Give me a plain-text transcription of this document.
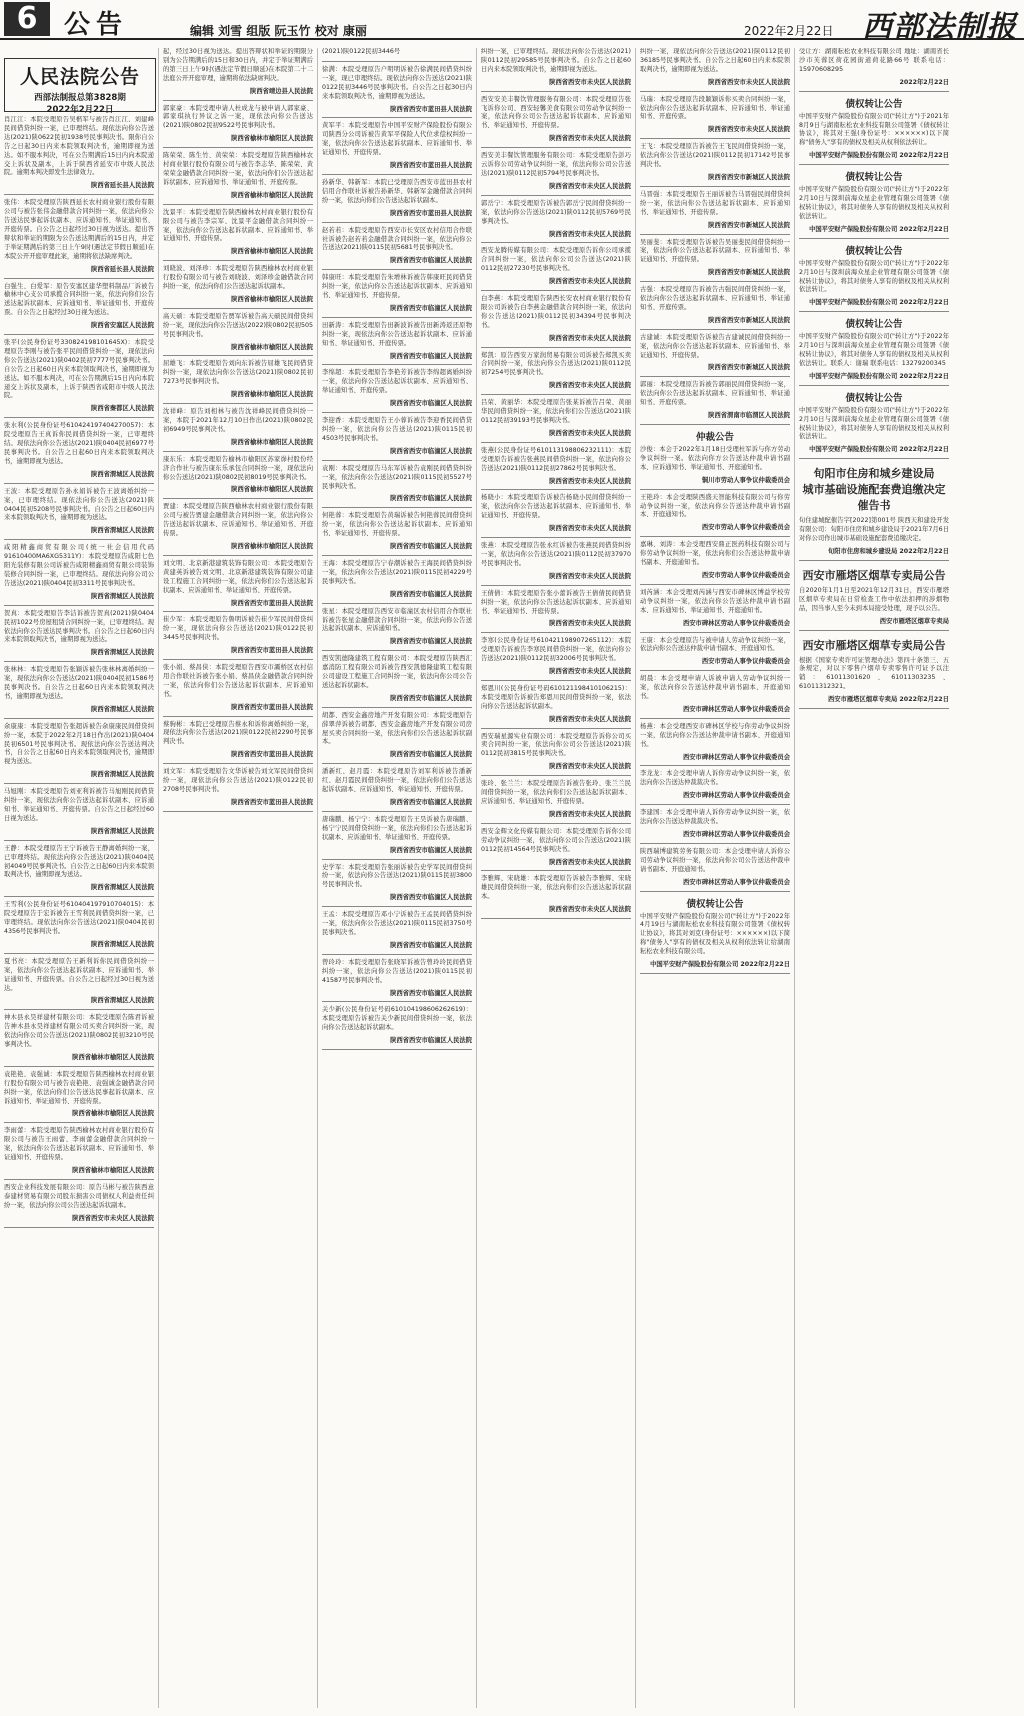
6	公告	编辑 刘雪 组版 阮玉竹 校对 康丽	2022年2月22日 西部法制报
人民法院公告
西部法制报总第3828期
2022年2月22日
肖江江：本院受理原告吴楷军与被告肖江江、刘建峰民间借贷纠纷一案，已审理终结。现依法向你公告送达(2021)陕0622民初1938号民事判决书。限你自公告之日起30日内来本院领取判决书，逾期即视为送达。如不服本判决，可在公告期满后15日内向本院递交上诉状及副本，上诉于陕西省延安市中级人民法院。逾期本判决即发生法律效力。
陕西省延长县人民法院
张伟：本院受理原告陕西延长农村商业银行股份有限公司与被告张伟金融借款合同纠纷一案，依法向你公告送达民事起诉状副本、应诉通知书、举证通知书、开庭传票。自公告之日起经过30日视为送达。提出答辩状和举证的期限为公告送达期满后的15日内，并定于举证期满后的第三日上午9时(遇法定节假日顺延)在本院公开开庭审理此案，逾期将依法缺席判决。
陕西省延长县人民法院
白强生、白爱军：原告安塞区建华塑料制品厂诉被告榆林中心支公司承揽合同纠纷一案，依法向你们公告送达起诉状副本、应诉通知书、举证通知书、开庭传票。自公告之日起经过30日视为送达。
陕西省安塞区人民法院
张平(公民身份证号330824198101645X)：本院受理原告李刚与被告张平民间借贷纠纷一案，现依法向你公告送达(2021)陕0402民初7777号民事判决书。自公告之日起60日内来本院领取判决书，逾期即视为送达。如不服本判决，可在公告期满后15日内向本院递交上诉状及副本，上诉于陕西省咸阳市中级人民法院。
陕西省秦都区人民法院
张水利(公民身份证号610424197404270057)：本院受理原告王真诉你民间借贷纠纷一案，已审理终结。现依法向你公告送达(2021)陕0404民初6977号民事判决书。自公告之日起60日内来本院领取判决书，逾期即视为送达。
陕西省渭城区人民法院
王波：本院受理原告孙永娟诉被告王波离婚纠纷一案，已审理终结。现依法向你公告送达(2021)陕0404民初5208号民事判决书。自公告之日起60日内来本院领取判决书，逾期即视为送达。
陕西省渭城区人民法院
咸阳精鑫商贸有限公司(统一社会信用代码91610400MA6XG5311Y)：本院受理原告咸阳七色阳光装修有限公司诉被告咸阳精鑫商贸有限公司装饰装修合同纠纷一案，已审理终结。现依法向你公司公告送达(2021)陕0404民初3311号民事判决书。
陕西省渭城区人民法院
贺真：本院受理原告李洁诉被告贺真(2021)陕0404民初1022号房屋租赁合同纠纷一案，已审理终结。现依法向你公告送达民事判决书。自公告之日起60日内来本院领取判决书，逾期即视为送达。
陕西省渭城区人民法院
张林林：本院受理原告张颖诉被告张林林离婚纠纷一案，现依法向你公告送达(2021)陕0404民初1586号民事判决书。自公告之日起60日内来本院领取判决书，逾期即视为送达。
陕西省渭城区人民法院
余康康：本院受理原告张超诉被告余康康民间借贷纠纷一案，本院于2022年2月18日作出(2021)陕0404民初6501号民事判决书。现依法向你公告送达判决书，自公告之日起60日内来本院领取判决书，逾期即视为送达。
陕西省渭城区人民法院
马旭刚：本院受理原告刘亚利诉被告马旭刚民间借贷纠纷一案，现依法向你公告送达起诉状副本、应诉通知书、举证通知书、开庭传票。自公告之日起经过60日视为送达。
陕西省渭城区人民法院
王静：本院受理原告王宁诉被告王静离婚纠纷一案，已审理终结。现依法向你公告送达(2021)陕0404民初4049号民事判决书。自公告之日起60日内来本院领取判决书，逾期即视为送达。
陕西省渭城区人民法院
王雪利(公民身份证号610404197910704015)：本院受理原告于宏诉被告王雪利民间借贷纠纷一案，已审理终结。现依法向你公告送达(2021)陕0404民初4356号民事判决书。
陕西省渭城区人民法院
夏书亮：本院受理原告王新利诉你民间借贷纠纷一案，依法向你公告送达起诉状副本、应诉通知书、举证通知书、开庭传票。自公告之日起经过30日视为送达。
陕西省渭城区人民法院
神木县永昊祥建材有限公司：本院受理原告陈君诉被告神木县永昊祥建材有限公司买卖合同纠纷一案，现依法向你公司公告送达(2021)陕0802民初3210号民事判决书。
陕西省榆林市榆阳区人民法院
袁艳艳、袁强诚：本院受理原告陕西榆林农村商业银行股份有限公司与被告袁艳艳、袁强诚金融借款合同纠纷一案，依法向你们公告送达民事起诉状副本、应诉通知书、举证通知书、开庭传票。
陕西省榆林市榆阳区人民法院
李雨蕾：本院受理原告陕西榆林农村商业银行股份有限公司与被告王雨蕾、李雨蕾金融借款合同纠纷一案，依法向你公告送达起诉状副本、应诉通知书、举证通知书、开庭传票。
陕西省榆林市榆阳区人民法院
西安企业科技发展有限公司：原告马彬与被告陕西意泰建材贸易有限公司股东损害公司债权人利益责任纠纷一案，依法向你公司公告送达起诉状副本。
陕西省西安市未央区人民法院
起，经过30日视为送达。提出答辩状和举证的期限分别为公告期满后的15日和30日内，并定于举证期满后的第三日上午9时(遇法定节假日顺延)在本院第二十二法庭公开开庭审理，逾期将依法缺席判决。
陕西省靖边县人民法院
郭家豪：本院受理申请人杜成龙与被申请人郭家豪、郭家琪执行异议之诉一案，现依法向你公告送达(2021)陕0802民初9522号民事判决书。
陕西省榆林市榆阳区人民法院
陈荣荣、陈生竹、黄荣荣：本院受理原告陕西榆林农村商业银行股份有限公司与被告李志华、陈荣荣、黄荣荣金融借款合同纠纷一案，依法向你们公告送达起诉状副本、应诉通知书、举证通知书、开庭传票。
陕西省榆林市榆阳区人民法院
沈景平：本院受理原告陕西榆林农村商业银行股份有限公司与被告李宗军、沈景平金融借款合同纠纷一案，依法向你公告送达起诉状副本、应诉通知书、举证通知书、开庭传票。
陕西省榆林市榆阳区人民法院
刘晓波、刘泽珍：本院受理原告陕西榆林农村商业银行股份有限公司与被告刘晓波、刘泽珍金融借款合同纠纷一案，依法向你们公告送达起诉状副本。
陕西省榆林市榆阳区人民法院
高天硕：本院受理原告贾军诉被告高天硕民间借贷纠纷一案，现依法向你公告送达(2022)陕0802民初505号民事判决书。
陕西省榆林市榆阳区人民法院
屈雄飞：本院受理原告刘向东诉被告屈雄飞民间借贷纠纷一案，现依法向你公告送达(2021)陕0802民初7273号民事判决书。
陕西省榆林市榆阳区人民法院
沈祥峰：原告刘相林与被告沈祥峰民间借贷纠纷一案，本院于2021年12月10日作出(2021)陕0802民初6949号民事判决书。
陕西省榆林市榆阳区人民法院
康东乐：本院受理原告榆林市榆阳区苏家峁村股份经济合作社与被告康东乐承包合同纠纷一案，现依法向你公告送达(2021)陕0802民初8019号民事判决书。
陕西省榆林市榆阳区人民法院
贾建：本院受理原告陕西榆林农村商业银行股份有限公司与被告贾建金融借款合同纠纷一案，依法向你公告送达起诉状副本、应诉通知书、举证通知书、开庭传票。
陕西省榆林市榆阳区人民法院
刘文明、北京新港建筑装饰有限公司：本院受理原告黄建英诉被告刘文明、北京新港建筑装饰有限公司建设工程施工合同纠纷一案，依法向你们公告送达起诉状副本、应诉通知书、举证通知书、开庭传票。
陕西省西安市蓝田县人民法院
崔少军：本院受理原告鲁明诉被告崔少军民间借贷纠纷一案，现依法向你公告送达(2021)陕0122民初3445号民事判决书。
陕西省西安市蓝田县人民法院
张小娟、蔡昌侠：本院受理原告西安市灞桥区农村信用合作联社诉被告张小娟、蔡昌侠金融借款合同纠纷一案，依法向你们公告送达起诉状副本、应诉通知书。
陕西省西安市蓝田县人民法院
蔡驹彬：本院已受理原告蔡永和诉你离婚纠纷一案，现依法向你公告送达(2021)陕0122民初2290号民事判决书。
陕西省西安市蓝田县人民法院
刘文军：本院受理原告文华诉被告刘文军民间借贷纠纷一案，现依法向你公告送达(2021)陕0122民初2708号民事判决书。
陕西省西安市蓝田县人民法院
(2021)陕0122民初3446号
徐满：本院受理原告户明明诉被告徐满民间借贷纠纷一案，现已审理终结。现依法向你公告送达(2021)陕0122民初3446号民事判决书。自公告之日起30日内来本院领取判决书，逾期即视为送达。
陕西省西安市蓝田县人民法院
黄军平：本院受理原告中国平安财产保险股份有限公司陕西分公司诉被告黄军平保险人代位求偿权纠纷一案，依法向你公告送达起诉状副本、应诉通知书、举证通知书、开庭传票。
陕西省西安市蓝田县人民法院
孙新华、韩新军：本院已受理原告西安市蓝田县农村信用合作联社诉被告孙新华、韩新军金融借款合同纠纷一案，依法向你们公告送达起诉状副本。
陕西省西安市蓝田县人民法院
赵若若：本院受理原告西安市长安区农村信用合作联社诉被告赵若若金融借款合同纠纷一案，依法向你公告送达(2021)陕0115民初5681号民事判决书。
陕西省西安市临潼区人民法院
韩康旺：本院受理原告朱增林诉被告韩康旺民间借贷纠纷一案，依法向你公告送达起诉状副本、应诉通知书、举证通知书、开庭传票。
陕西省西安市临潼区人民法院
田新涛：本院受理原告田新波诉被告田新涛返还原物纠纷一案，现依法向你公告送达起诉状副本、应诉通知书、举证通知书、开庭传票。
陕西省西安市临潼区人民法院
李绵超：本院受理原告李艳芳诉被告李绵超离婚纠纷一案，依法向你公告送达起诉状副本、应诉通知书、举证通知书、开庭传票。
陕西省西安市临潼区人民法院
李迎香：本院受理原告王小蓉诉被告李迎香民间借贷纠纷一案，依法向你公告送达(2021)陕0115民初4503号民事判决书。
陕西省西安市临潼区人民法院
袁刚：本院受理原告马东军诉被告袁刚民间借贷纠纷一案，依法向你公告送达(2021)陕0115民初5527号民事判决书。
陕西省西安市临潼区人民法院
何艳蓉：本院受理原告黄瑞诉被告何艳蓉民间借贷纠纷一案，依法向你公告送达起诉状副本、应诉通知书、举证通知书、开庭传票。
陕西省西安市临潼区人民法院
王海：本院受理原告宁春潮诉被告王海民间借贷纠纷一案，依法向你公告送达(2021)陕0115民初4229号民事判决书。
陕西省西安市临潼区人民法院
张星：本院受理原告西安市临潼区农村信用合作联社诉被告张星金融借款合同纠纷一案，依法向你公告送达起诉状副本、应诉通知书。
陕西省西安市临潼区人民法院
西安凯德隆建筑工程有限公司：本院受理原告陕西汇嘉消防工程有限公司诉被告西安凯德隆建筑工程有限公司建设工程施工合同纠纷一案，依法向你公司公告送达起诉状副本。
陕西省西安市临潼区人民法院
胡都、西安金鑫房地产开发有限公司：本院受理原告薛翠萍诉被告胡都、西安金鑫房地产开发有限公司房屋买卖合同纠纷一案，依法向你们公告送达起诉状副本。
陕西省西安市临潼区人民法院
潘新红、赵月霞：本院受理原告刘军利诉被告潘新红、赵月霞民间借贷纠纷一案，依法向你们公告送达起诉状副本、应诉通知书、举证通知书、开庭传票。
陕西省西安市临潼区人民法院
唐瑞鹏、杨宁宁：本院受理原告王昊诉被告唐瑞鹏、杨宁宁民间借贷纠纷一案，依法向你们公告送达起诉状副本、应诉通知书、举证通知书、开庭传票。
陕西省西安市临潼区人民法院
史学军：本院受理原告张丽诉被告史学军民间借贷纠纷一案，依法向你公告送达(2021)陕0115民初3800号民事判决书。
陕西省西安市临潼区人民法院
王孟：本院受理原告邓小宁诉被告王孟民间借贷纠纷一案，依法向你公告送达(2021)陕0115民初3750号民事判决书。
陕西省西安市临潼区人民法院
曾玲玲：本院受理原告张晓军诉被告曾玲玲民间借贷纠纷一案，依法向你公告送达(2021)陕0115民初41587号民事判决书。
陕西省西安市临潼区人民法院
关少新(公民身份证号码610104198606262619)：本院受理原告诉被告关少新民间借贷纠纷一案，依法向你公告送达起诉状副本。
陕西省西安市临潼区人民法院
纠纷一案，已审理终结。现依法向你公告送达(2021)陕0112民初29585号民事判决书。自公告之日起60日内来本院领取判决书，逾期即视为送达。
陕西省西安市未央区人民法院
西安安美丰餐饮管理服务有限公司：本院受理原告张飞诉你公司、西安轻馨美食有限公司劳动争议纠纷一案，依法向你公司公告送达起诉状副本、应诉通知书、举证通知书、开庭传票。
陕西省西安市未央区人民法院
西安美丰餐饮管理服务有限公司：本院受理原告彭巧云诉你公司劳动争议纠纷一案，依法向你公司公告送达(2021)陕0112民初5794号民事判决书。
陕西省西安市未央区人民法院
郭岳宁：本院受理原告诉被告郭岳宁民间借贷纠纷一案，依法向你公告送达(2021)陕0112民初5769号民事判决书。
陕西省西安市未央区人民法院
西安龙腾传媒有限公司：本院受理原告诉你公司承揽合同纠纷一案，依法向你公司公告送达(2021)陕0112民初27230号民事判决书。
陕西省西安市未央区人民法院
白李燕：本院受理原告陕西长安农村商业银行股份有限公司诉被告白李燕金融借款合同纠纷一案，依法向你公告送达(2021)陕0112民初34394号民事判决书。
陕西省西安市未央区人民法院
郑凯：原告西安万家润贸易有限公司诉被告郑凯买卖合同纠纷一案，依法向你公告送达(2021)陕0112民初7254号民事判决书。
陕西省西安市未央区人民法院
吕荣、黄丽华：本院受理原告张某诉被告吕荣、黄丽华民间借贷纠纷一案，依法向你们公告送达(2021)陕0112民初39193号民事判决书。
陕西省西安市未央区人民法院
张燕(公民身份证号610113198806232111)：本院受理原告诉被告张燕民间借贷纠纷一案，依法向你公告送达(2021)陕0112民初27862号民事判决书。
陕西省西安市未央区人民法院
杨晓小：本院受理原告诉被告杨晓小民间借贷纠纷一案，依法向你公告送达起诉状副本、应诉通知书、举证通知书、开庭传票。
陕西省西安市未央区人民法院
张燕：本院受理原告张永红诉被告张燕民间借贷纠纷一案，依法向你公告送达(2021)陕0112民初37970号民事判决书。
陕西省西安市未央区人民法院
王倩倩：本院受理原告张小蕾诉被告王倩倩民间借贷纠纷一案，依法向你公告送达起诉状副本、应诉通知书、举证通知书、开庭传票。
陕西省西安市未央区人民法院
李寒(公民身份证号610421198907265112)：本院受理原告诉被告李寒民间借贷纠纷一案，依法向你公告送达(2021)陕0112民初32006号民事判决书。
陕西省西安市未央区人民法院
郑恩川(公民身份证号码610121198410106215)：本院受理原告诉被告郑恩川民间借贷纠纷一案，依法向你公告送达起诉状副本。
陕西省西安市未央区人民法院
西安瑞星源实业有限公司：本院受理原告诉你公司买卖合同纠纷一案，依法向你公司公告送达(2021)陕0112民初3815号民事判决书。
陕西省西安市未央区人民法院
张玲、张兰兰：本院受理原告诉被告张玲、张兰兰民间借贷纠纷一案，依法向你们公告送达起诉状副本、应诉通知书、举证通知书、开庭传票。
陕西省西安市未央区人民法院
西安金辉文化传媒有限公司：本院受理原告诉你公司劳动争议纠纷一案，依法向你公司公告送达(2021)陕0112民初14564号民事判决书。
陕西省西安市未央区人民法院
李雅辉、宋晓雄：本院受理原告诉被告李雅辉、宋晓雄民间借贷纠纷一案，依法向你们公告送达起诉状副本。
陕西省西安市未央区人民法院
纠纷一案，现依法向你公告送达(2021)陕0112民初36185号民事判决书。自公告之日起60日内来本院领取判决书，逾期即视为送达。
陕西省西安市未央区人民法院
马瑞：本院受理原告段颖颖诉你买卖合同纠纷一案，依法向你公告送达起诉状副本、应诉通知书、举证通知书、开庭传票。
陕西省西安市未央区人民法院
王飞：本院受理原告诉被告王飞民间借贷纠纷一案，依法向你公告送达(2021)陕0112民初17142号民事判决书。
陕西省西安市新城区人民法院
马晋强：本院受理原告王丽诉被告马晋强民间借贷纠纷一案，依法向你公告送达起诉状副本、应诉通知书、举证通知书、开庭传票。
陕西省西安市新城区人民法院
吴丽斐：本院受理原告诉被告吴丽斐民间借贷纠纷一案，依法向你公告送达起诉状副本、应诉通知书、举证通知书、开庭传票。
陕西省西安市新城区人民法院
古强：本院受理原告诉被告古强民间借贷纠纷一案，依法向你公告送达起诉状副本、应诉通知书、举证通知书、开庭传票。
陕西省西安市新城区人民法院
古建诚：本院受理原告诉被告古建诚民间借贷纠纷一案，依法向你公告送达起诉状副本、应诉通知书、举证通知书、开庭传票。
陕西省西安市新城区人民法院
郭丽：本院受理原告诉被告郭丽民间借贷纠纷一案，依法向你公告送达起诉状副本、应诉通知书、举证通知书、开庭传票。
陕西省渭南市临渭区人民法院
仲裁公告
沙俊：本会于2022年1月18日受理杜军诉与你方劳动争议纠纷一案。依法向你方公告送达仲裁申请书副本、应诉通知书、举证通知书、开庭通知书。
铜川市劳动人事争议仲裁委员会
王艳玲：本会受理陕西盛天智能科技有限公司与你劳动争议纠纷一案，依法向你公告送达仲裁申请书副本、开庭通知书。
西安市劳动人事争议仲裁委员会
嘉琳、刘涛：本会受理西安鼎正医药科技有限公司与你劳动争议纠纷一案，依法向你们公告送达仲裁申请书副本、开庭通知书。
西安市劳动人事争议仲裁委员会
刘芮涵：本会受理刘芮涵与西安市碑林区博益学校劳动争议纠纷一案，依法向你公告送达仲裁申请书副本、应诉通知书、举证通知书、开庭通知书。
西安市碑林区劳动人事争议仲裁委员会
王康：本会受理原告与被申请人劳动争议纠纷一案，依法向你公告送达仲裁申请书副本、开庭通知书。
西安市劳动人事争议仲裁委员会
胡晨：本会受理申请人诉被申请人劳动争议纠纷一案，依法向你公告送达仲裁申请书副本、开庭通知书。
西安市碑林区劳动人事争议仲裁委员会
杨燕：本会受理西安市碑林区学校与你劳动争议纠纷一案，依法向你公告送达仲裁申请书副本、开庭通知书。
西安市碑林区劳动人事争议仲裁委员会
李龙龙：本会受理申请人诉你劳动争议纠纷一案，依法向你公告送达仲裁裁决书。
西安市碑林区劳动人事争议仲裁委员会
李建国：本会受理申请人诉你劳动争议纠纷一案，依法向你公告送达仲裁裁决书。
西安市碑林区劳动人事争议仲裁委员会
陕西瑞博建筑劳务有限公司：本会受理申请人诉你公司劳动争议纠纷一案，依法向你公司公告送达仲裁申请书副本、开庭通知书。
西安市碑林区劳动人事争议仲裁委员会
债权转让公告
中国平安财产保险股份有限公司("转让方")于2022年4月19日与湖南耘松农业科技有限公司签署《债权转让协议》，将其对刘克(身份证号：××××××)以下简称"债务人"享有的债权及相关从权利依法转让给湖南耘松农业科技有限公司。
中国平安财产保险股份有限公司 2022年2月22日
受让方：湖南耘松农业科技有限公司 地址：湖南省长沙市芙蓉区荷花园街道荷花路66号 联系电话：15970608295
2022年2月22日
债权转让公告
中国平安财产保险股份有限公司("转让方")于2021年8月9日与湖南耘松农业科技有限公司签署《债权转让协议》，将其对王强(身份证号：××××××)以下简称"债务人"享有的债权及相关从权利依法转让。
中国平安财产保险股份有限公司 2022年2月22日
债权转让公告
中国平安财产保险股份有限公司("转让方")于2022年2月10日与深圳前海众星企业管理有限公司签署《债权转让协议》，将其对债务人享有的债权及相关从权利依法转让。
中国平安财产保险股份有限公司 2022年2月22日
债权转让公告
中国平安财产保险股份有限公司("转让方")于2022年2月10日与深圳前海众星企业管理有限公司签署《债权转让协议》，将其对债务人享有的债权及相关从权利依法转让。
中国平安财产保险股份有限公司 2022年2月22日
债权转让公告
中国平安财产保险股份有限公司("转让方")于2022年2月10日与深圳前海众星企业管理有限公司签署《债权转让协议》，将其对债务人享有的债权及相关从权利依法转让。联系人：谢瑞 联系电话：13279200345
中国平安财产保险股份有限公司 2022年2月22日
债权转让公告
中国平安财产保险股份有限公司("转让方")于2022年2月10日与深圳前海众星企业管理有限公司签署《债权转让协议》，将其对债务人享有的债权及相关从权利依法转让。
中国平安财产保险股份有限公司 2022年2月22日
旬阳市住房和城乡建设局
城市基础设施配套费追缴决定催告书
旬住建城配催告字[2022]第001号 陕西天和建设开发有限公司：旬阳市住房和城乡建设局于2021年7月6日对你公司作出城市基础设施配套费追缴决定。
旬阳市住房和城乡建设局 2022年2月22日
西安市雁塔区烟草专卖局公告
自2020年1月1日至2021年12月31日，西安市雁塔区烟草专卖局在日常检查工作中依法扣押的涉烟物品，因当事人至今未到本局接受处理，现予以公告。
西安市雁塔区烟草专卖局
西安市雁塔区烟草专卖局公告
根据《国家专卖许可证管理办法》第四十条第三、五条规定，对以下零售户烟草专卖零售许可证予以注销：61011301620、61011303235、61011312321。
西安市雁塔区烟草专卖局 2022年2月22日
